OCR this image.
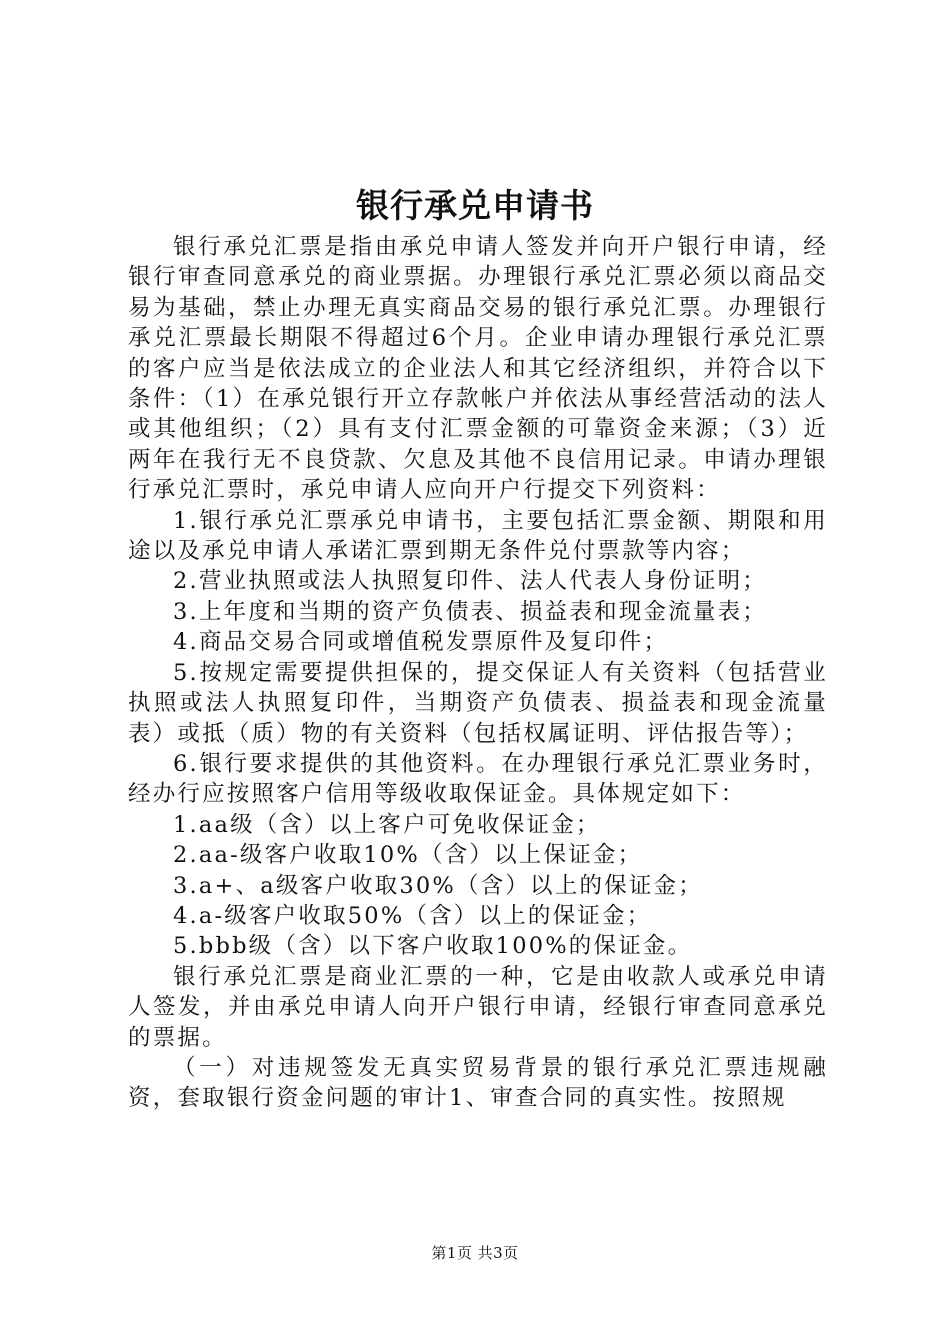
银行承兑申请书

银行承兑汇票是指由承兑申请人签发并向开户银行申请，经银行审查同意承兑的商业票据。办理银行承兑汇票必须以商品交易为基础，禁止办理无真实商品交易的银行承兑汇票。办理银行承兑汇票最长期限不得超过6个月。企业申请办理银行承兑汇票的客户应当是依法成立的企业法人和其它经济组织，并符合以下条件：（1）在承兑银行开立存款帐户并依法从事经营活动的法人或其他组织；（2）具有支付汇票金额的可靠资金来源；（3）近两年在我行无不良贷款、欠息及其他不良信用记录。申请办理银行承兑汇票时，承兑申请人应向开户行提交下列资料：

1.银行承兑汇票承兑申请书，主要包括汇票金额、期限和用途以及承兑申请人承诺汇票到期无条件兑付票款等内容；

2.营业执照或法人执照复印件、法人代表人身份证明；

3.上年度和当期的资产负债表、损益表和现金流量表；

4.商品交易合同或增值税发票原件及复印件；

5.按规定需要提供担保的，提交保证人有关资料（包括营业执照或法人执照复印件，当期资产负债表、损益表和现金流量表）或抵（质）物的有关资料（包括权属证明、评估报告等）；

6.银行要求提供的其他资料。在办理银行承兑汇票业务时，经办行应按照客户信用等级收取保证金。具体规定如下：

1.aa级（含）以上客户可免收保证金；

2.aa-级客户收取10%（含）以上保证金；

3.a+、a级客户收取30%（含）以上的保证金；

4.a-级客户收取50%（含）以上的保证金；

5.bbb级（含）以下客户收取100%的保证金。

银行承兑汇票是商业汇票的一种，它是由收款人或承兑申请人签发，并由承兑申请人向开户银行申请，经银行审查同意承兑的票据。

（一）对违规签发无真实贸易背景的银行承兑汇票违规融资，套取银行资金问题的审计1、审查合同的真实性。按照规

第1页 共3页
